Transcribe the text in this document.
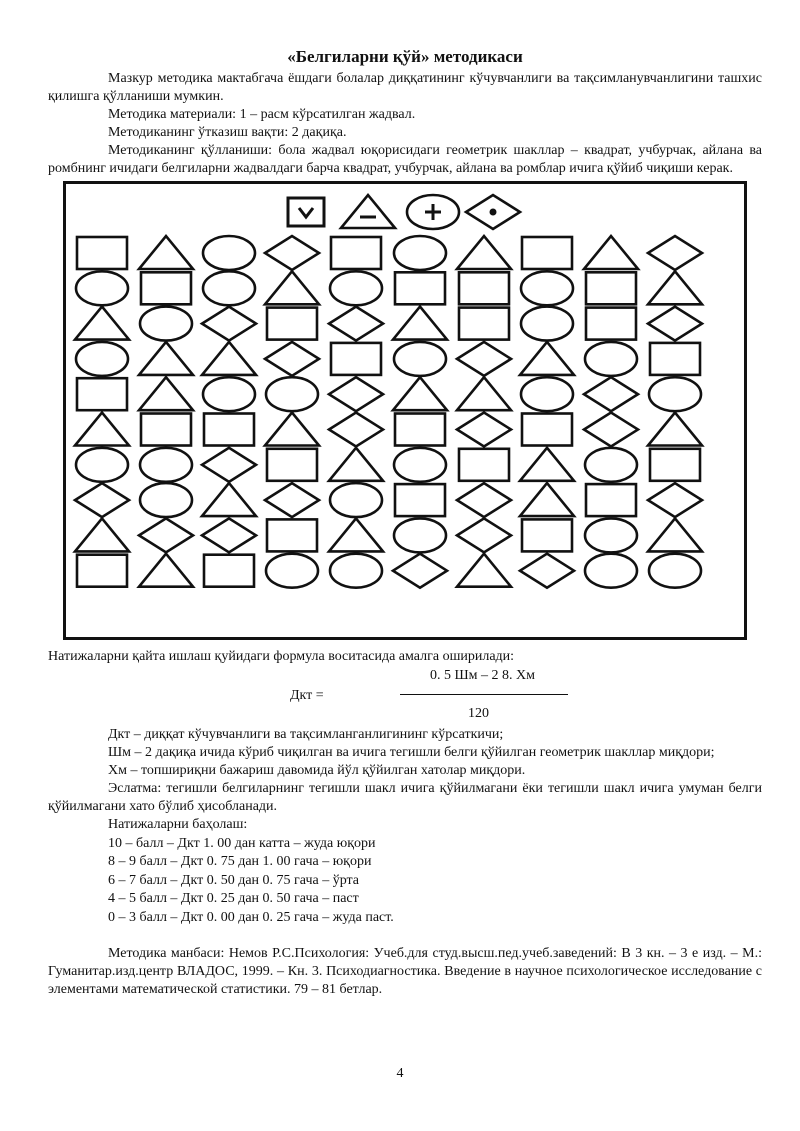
«Белгиларни қўй» методикаси

Мазкур методика мактабгача ёшдаги болалар диққатининг кўчувчанлиги ва тақсимланувчанлигини ташхис қилишга қўлланиши мумкин.

Методика материали: 1 – расм кўрсатилган жадвал.

Методиканинг ўтказиш вақти: 2 дақиқа.

Методиканинг қўлланиши: бола жадвал юқорисидаги геометрик шакллар – квадрат, учбурчак, айлана ва ромбнинг ичидаги белгиларни жадвалдаги барча квадрат, учбурчак, айлана ва ромблар ичига қўйиб чиқиши керак.

Натижаларни қайта ишлаш қуйидаги формула воситасида амалга оширилади:

Дкт =
0. 5 Шм – 2 8. Хм
120

Дкт – диққат кўчувчанлиги ва тақсимланганлигининг кўрсаткичи;

Шм – 2 дақиқа ичида кўриб чиқилган ва ичига тегишли белги қўйилган геометрик шакллар миқдори;

Хм – топшириқни бажариш давомида йўл қўйилган хатолар миқдори.

Эслатма: тегишли белгиларнинг тегишли шакл ичига қўйилмагани ёки тегишли шакл ичига умуман белги қўйилмагани хато бўлиб ҳисобланади.

Натижаларни баҳолаш:

10 – балл – Дкт 1. 00 дан катта – жуда юқори

8 – 9 балл – Дкт 0. 75 дан 1. 00 гача – юқори

6 – 7 балл – Дкт 0. 50 дан 0. 75 гача – ўрта

4 – 5 балл – Дкт 0. 25 дан 0. 50 гача – паст

0 – 3 балл – Дкт 0. 00 дан 0. 25 гача – жуда паст.

Методика манбаси: Немов Р.С.Психология: Учеб.для студ.высш.пед.учеб.заведений: В 3 кн. – 3 е изд. – М.: Гуманитар.изд.центр ВЛАДОС, 1999. – Кн. 3. Психодиагностика. Введение в научное психологическое исследование с элементами математической статистики. 79 – 81 бетлар.

4
